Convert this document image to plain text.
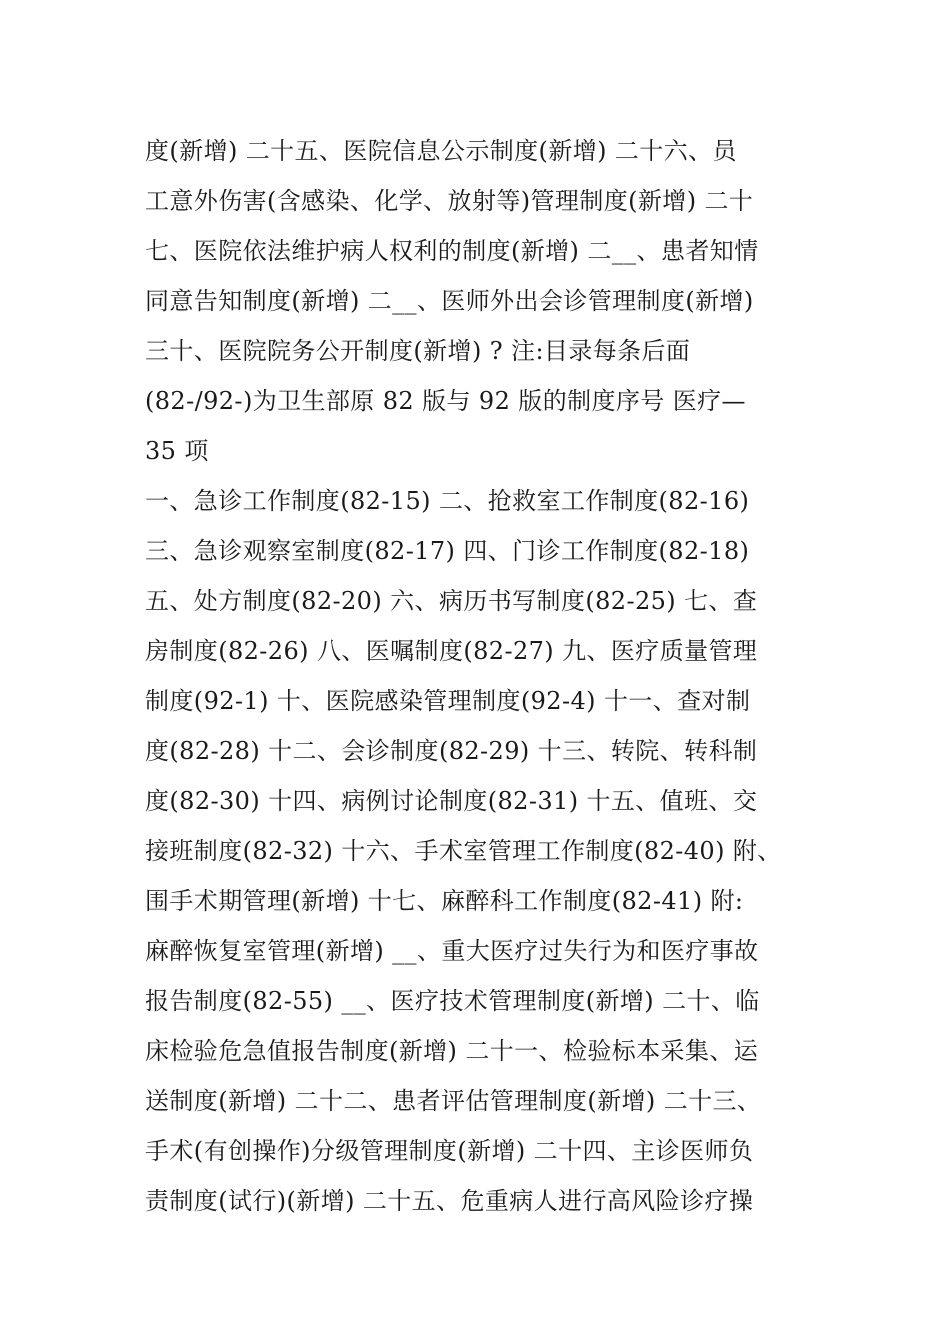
度(新增) 二十五、医院信息公示制度(新增) 二十六、员
工意外伤害(含感染、化学、放射等)管理制度(新增) 二十
七、医院依法维护病人权利的制度(新增) 二__、患者知情
同意告知制度(新增) 二__、医师外出会诊管理制度(新增)
三十、医院院务公开制度(新增) ? 注:目录每条后面
(82-/92-)为卫生部原 82 版与 92 版的制度序号 医疗—
35 项
一、急诊工作制度(82-15) 二、抢救室工作制度(82-16)
三、急诊观察室制度(82-17) 四、门诊工作制度(82-18)
五、处方制度(82-20) 六、病历书写制度(82-25) 七、查
房制度(82-26) 八、医嘱制度(82-27) 九、医疗质量管理
制度(92-1) 十、医院感染管理制度(92-4) 十一、查对制
度(82-28) 十二、会诊制度(82-29) 十三、转院、转科制
度(82-30) 十四、病例讨论制度(82-31) 十五、值班、交
接班制度(82-32) 十六、手术室管理工作制度(82-40) 附、
围手术期管理(新增) 十七、麻醉科工作制度(82-41) 附:
麻醉恢复室管理(新增) __、重大医疗过失行为和医疗事故
报告制度(82-55) __、医疗技术管理制度(新增) 二十、临
床检验危急值报告制度(新增) 二十一、检验标本采集、运
送制度(新增) 二十二、患者评估管理制度(新增) 二十三、
手术(有创操作)分级管理制度(新增) 二十四、主诊医师负
责制度(试行)(新增) 二十五、危重病人进行高风险诊疗操
